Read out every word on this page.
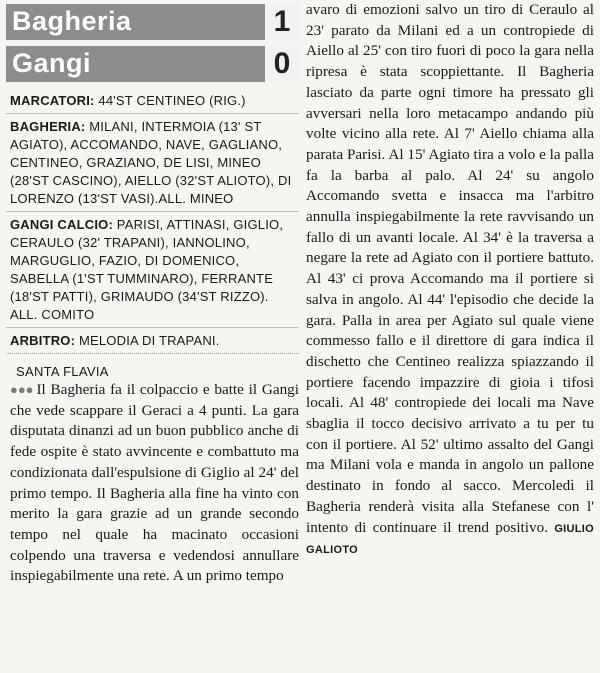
Bagheria	1
Gangi	0
MARCATORI: 44'ST CENTINEO (RIG.)
BAGHERIA: MILANI, INTERMOIA (13' ST AGIATO), ACCOMANDO, NAVE, GAGLIANO, CENTINEO, GRAZIANO, DE LISI, MINEO (28'ST CASCINO), AIELLO (32'ST ALIOTO), DI LORENZO (13'ST VASI).ALL. MINEO
GANGI CALCIO: PARISI, ATTINASI, GIGLIO, CERAULO (32' TRAPANI), IANNOLINO, MARGUGLIO, FAZIO, DI DOMENICO, SABELLA (1'ST TUMMINARO), FERRANTE (18'ST PATTI), GRIMAUDO (34'ST RIZZO). ALL. COMITO
ARBITRO: MELODIA DI TRAPANI.
SANTA FLAVIA

●●● Il Bagheria fa il colpaccio e batte il Gangi che vede scappare il Geraci a 4 punti. La gara disputata dinanzi ad un buon pubblico anche di fede ospite è stato avvincente e combattuto ma condizionata dall'espulsione di Giglio al 24' del primo tempo. Il Bagheria alla fine ha vinto con merito la gara grazie ad un grande secondo tempo nel quale ha macinato occasioni colpendo una traversa e vedendosi annullare inspiegabilmente una rete. A un primo tempo

avaro di emozioni salvo un tiro di Ceraulo al 23' parato da Milani ed a un contropiede di Aiello al 25' con tiro fuori di poco la gara nella ripresa è stata scoppiettante. Il Bagheria lasciato da parte ogni timore ha pressato gli avversari nella loro metacampo andando più volte vicino alla rete. Al 7' Aiello chiama alla parata Parisi. Al 15' Agiato tira a volo e la palla fa la barba al palo. Al 24' su angolo Accomando svetta e insacca ma l'arbitro annulla inspiegabilmente la rete ravvisando un fallo di un avanti locale. Al 34' è la traversa a negare la rete ad Agiato con il portiere battuto. Al 43' ci prova Accomando ma il portiere si salva in angolo. Al 44' l'episodio che decide la gara. Palla in area per Agiato sul quale viene commesso fallo e il direttore di gara indica il dischetto che Centineo realizza spiazzando il portiere facendo impazzire di gioia i tifosi locali. Al 48' contropiede dei locali ma Nave sbaglia il tocco decisivo arrivato a tu per tu con il portiere. Al 52' ultimo assalto del Gangi ma Milani vola e manda in angolo un pallone destinato in fondo al sacco. Mercoledì il Bagheria renderà visita alla Stefanese con l' intento di continuare il trend positivo. GIULIO GALIOTO
